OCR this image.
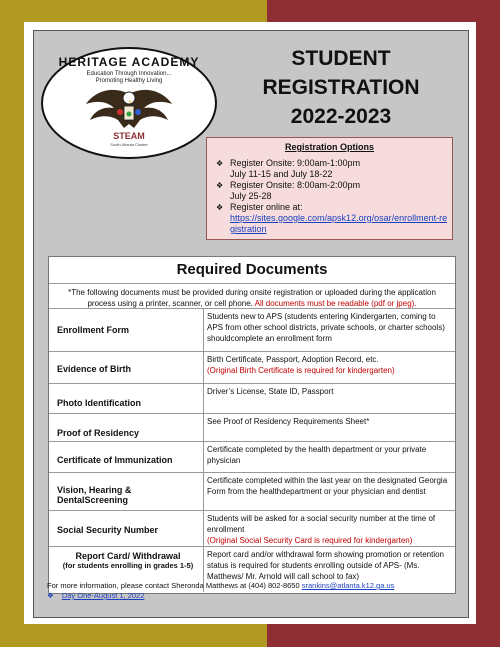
HERITAGE ACADEMY
Education Through Innovation...
Promoting Healthy Living
STEAM
South Atlanta Cluster
STUDENT
REGISTRATION
2022-2023
Registration Options
❖ Register Onsite: 9:00am-1:00pm
July 11-15 and July 18-22
❖ Register Onsite: 8:00am-2:00pm
July 25-28
❖ Register online at:
https://sites.google.com/apsk12.org/osar/enrollment-registration
Required Documents
*The following documents must be provided during onsite registration or uploaded during the application process using a printer, scanner, or cell phone. All documents must be readable (pdf or jpeg).
Enrollment Form
Students new to APS (students entering Kindergarten, coming to APS from other school districts, private schools, or charter schools) shouldcomplete an enrollment form
Evidence of Birth
Birth Certificate, Passport, Adoption Record, etc.
(Original Birth Certificate is required for kindergarten)
Photo Identification
Driver’s License, State ID, Passport
Proof of Residency
See Proof of Residency Requirements Sheet*
Certificate of Immunization
Certificate completed by the health department or your private physician
Vision, Hearing & DentalScreening
Certificate completed within the last year on the designated Georgia Form from the healthdepartment or your physician and dentist
Social Security Number
Students will be asked for a social security number at the time of enrollment
(Original Social Security Card is required for kindergarten)
Report Card/ Withdrawal
(for students enrolling in grades 1-5)
Report card and/or withdrawal form showing promotion or retention status is required for students enrolling outside of APS- (Ms. Matthews/ Mr. Arnold will call school to fax)
For more information, please contact Sheronda Matthews at (404) 802-8650 srankins@atlanta.k12.ga.us
❖ Day One-August 1, 2022
